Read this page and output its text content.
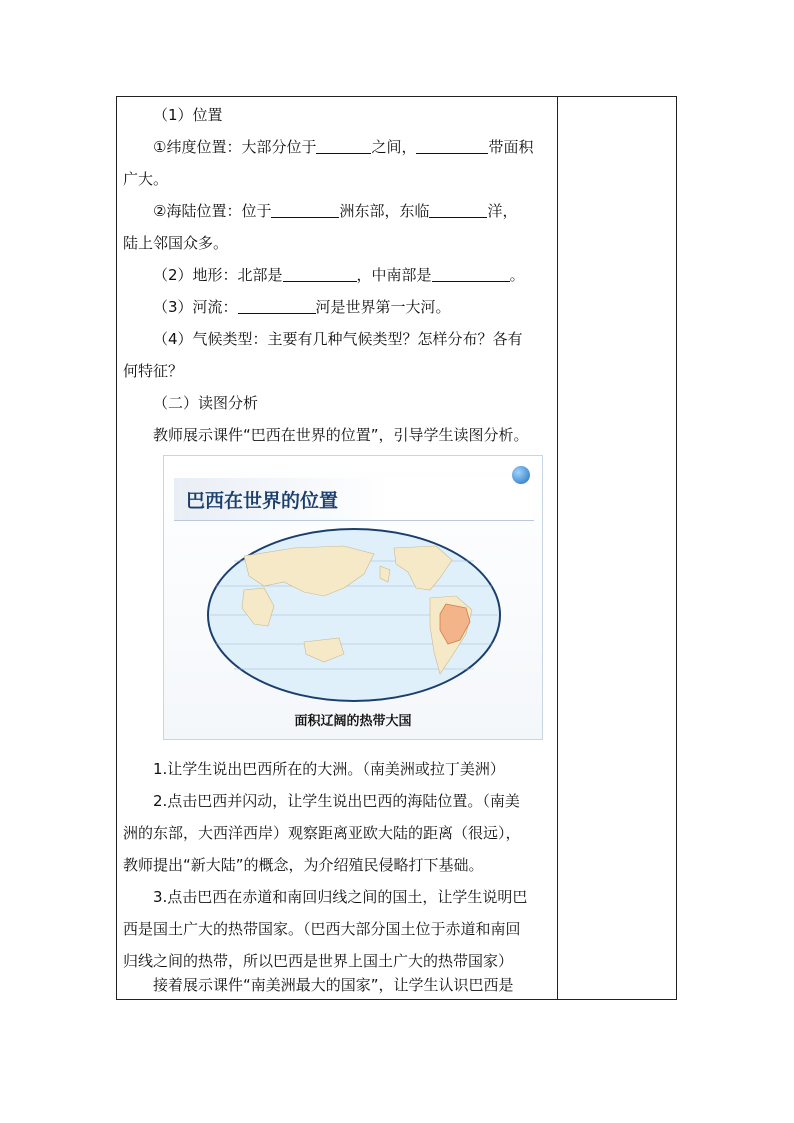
（1）位置
①纬度位置：大部分位于	之间，	带面积
广大。
②海陆位置：位于	洲东部，东临	洋，
陆上邻国众多。
（2）地形：北部是	，中南部是	。
（3）河流：	河是世界第一大河。
（4）气候类型：主要有几种气候类型？怎样分布？各有
何特征？
（二）读图分析
教师展示课件“巴西在世界的位置”，引导学生读图分析。
巴西在世界的位置
面积辽阔的热带大国
1.让学生说出巴西所在的大洲。（南美洲或拉丁美洲）
2.点击巴西并闪动，让学生说出巴西的海陆位置。（南美
洲的东部，大西洋西岸）观察距离亚欧大陆的距离（很远），
教师提出“新大陆”的概念，为介绍殖民侵略打下基础。
3.点击巴西在赤道和南回归线之间的国土，让学生说明巴
西是国土广大的热带国家。（巴西大部分国土位于赤道和南回
归线之间的热带，所以巴西是世界上国土广大的热带国家）
接着展示课件“南美洲最大的国家”，让学生认识巴西是
